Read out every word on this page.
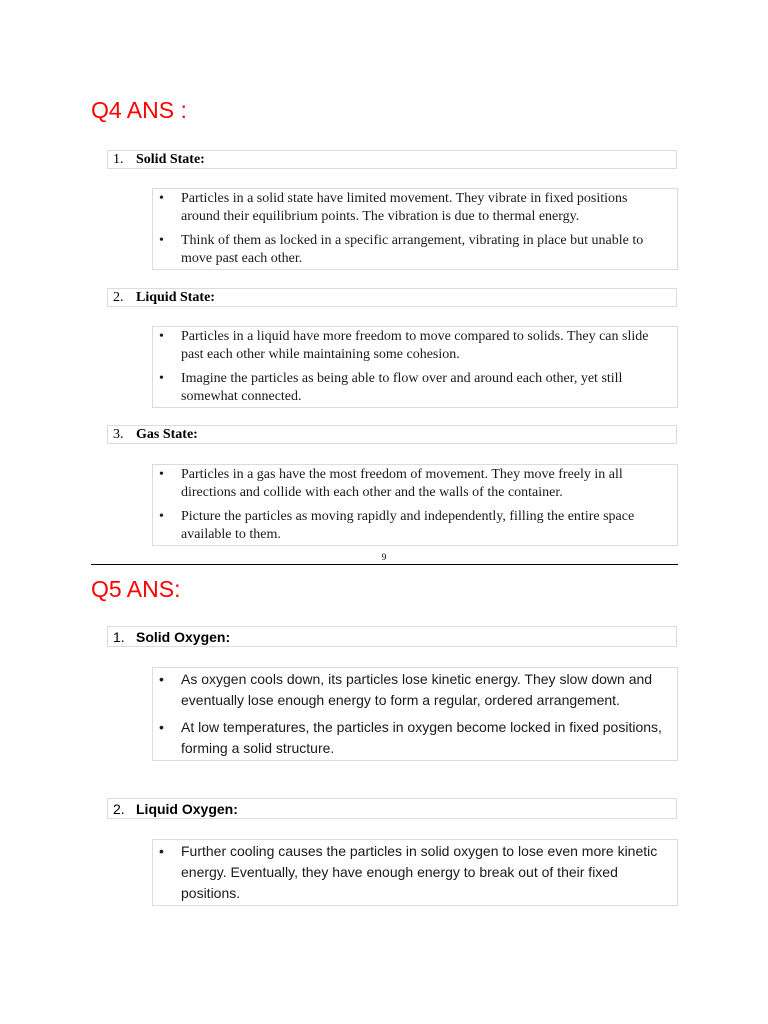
Q4 ANS :
1. Solid State:
• Particles in a solid state have limited movement. They vibrate in fixed positions around their equilibrium points. The vibration is due to thermal energy.
• Think of them as locked in a specific arrangement, vibrating in place but unable to move past each other.
2. Liquid State:
• Particles in a liquid have more freedom to move compared to solids. They can slide past each other while maintaining some cohesion.
• Imagine the particles as being able to flow over and around each other, yet still somewhat connected.
3. Gas State:
• Particles in a gas have the most freedom of movement. They move freely in all directions and collide with each other and the walls of the container.
• Picture the particles as moving rapidly and independently, filling the entire space available to them.
9
Q5 ANS:
1. Solid Oxygen:
• As oxygen cools down, its particles lose kinetic energy. They slow down and eventually lose enough energy to form a regular, ordered arrangement.
• At low temperatures, the particles in oxygen become locked in fixed positions, forming a solid structure.
2. Liquid Oxygen:
• Further cooling causes the particles in solid oxygen to lose even more kinetic energy. Eventually, they have enough energy to break out of their fixed positions.
